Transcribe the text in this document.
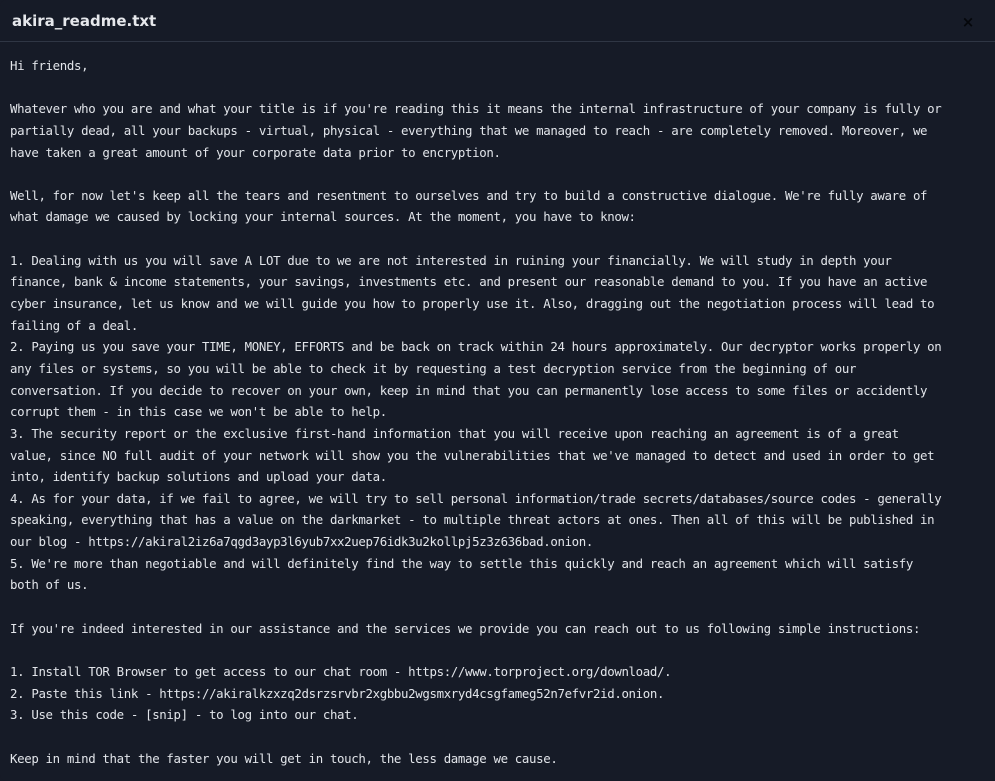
akira_readme.txt	×
Hi friends,
Whatever who you are and what your title is if you're reading this it means the internal infrastructure of your company is fully or
partially dead, all your backups - virtual, physical - everything that we managed to reach - are completely removed. Moreover, we
have taken a great amount of your corporate data prior to encryption.
Well, for now let's keep all the tears and resentment to ourselves and try to build a constructive dialogue. We're fully aware of
what damage we caused by locking your internal sources. At the moment, you have to know:
1. Dealing with us you will save A LOT due to we are not interested in ruining your financially. We will study in depth your
finance, bank & income statements, your savings, investments etc. and present our reasonable demand to you. If you have an active
cyber insurance, let us know and we will guide you how to properly use it. Also, dragging out the negotiation process will lead to
failing of a deal.
2. Paying us you save your TIME, MONEY, EFFORTS and be back on track within 24 hours approximately. Our decryptor works properly on
any files or systems, so you will be able to check it by requesting a test decryption service from the beginning of our
conversation. If you decide to recover on your own, keep in mind that you can permanently lose access to some files or accidently
corrupt them - in this case we won't be able to help.
3. The security report or the exclusive first-hand information that you will receive upon reaching an agreement is of a great
value, since NO full audit of your network will show you the vulnerabilities that we've managed to detect and used in order to get
into, identify backup solutions and upload your data.
4. As for your data, if we fail to agree, we will try to sell personal information/trade secrets/databases/source codes - generally
speaking, everything that has a value on the darkmarket - to multiple threat actors at ones. Then all of this will be published in
our blog - https://akiral2iz6a7qgd3ayp3l6yub7xx2uep76idk3u2kollpj5z3z636bad.onion.
5. We're more than negotiable and will definitely find the way to settle this quickly and reach an agreement which will satisfy
both of us.
If you're indeed interested in our assistance and the services we provide you can reach out to us following simple instructions:
1. Install TOR Browser to get access to our chat room - https://www.torproject.org/download/.
2. Paste this link - https://akiralkzxzq2dsrzsrvbr2xgbbu2wgsmxryd4csgfameg52n7efvr2id.onion.
3. Use this code - [snip] - to log into our chat.
Keep in mind that the faster you will get in touch, the less damage we cause.
